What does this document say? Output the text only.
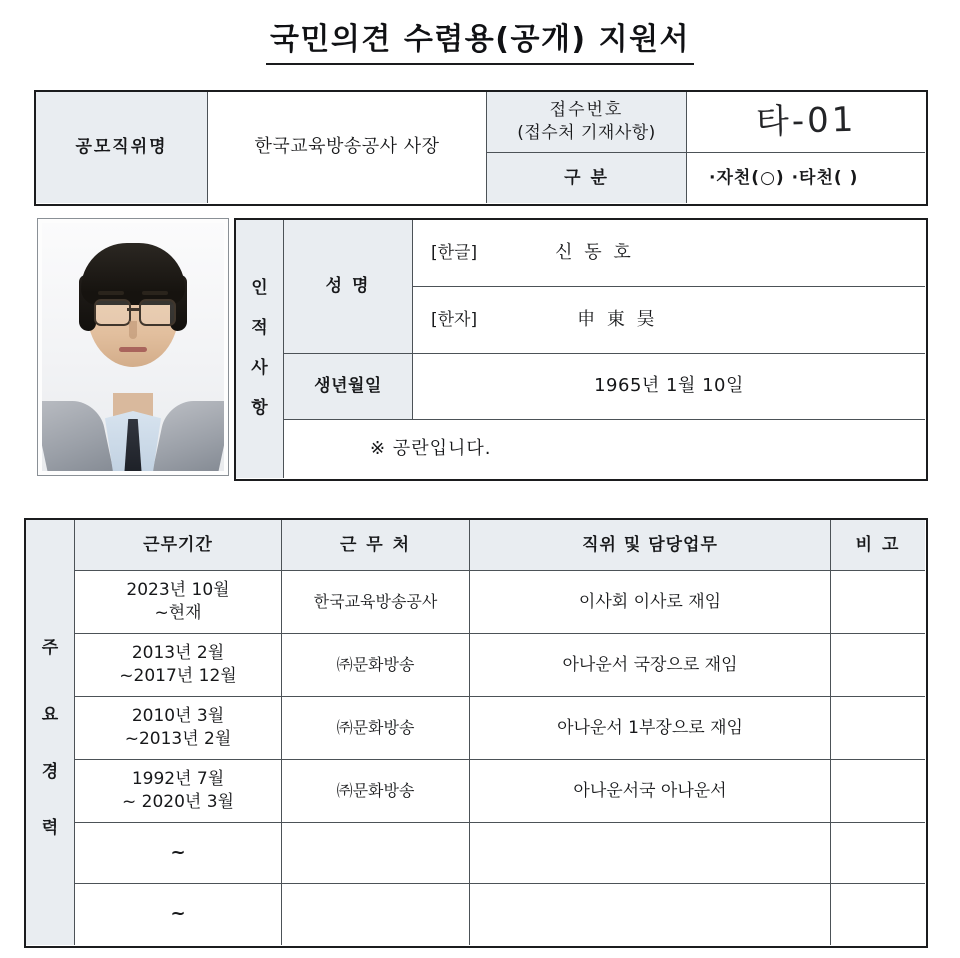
국민의견 수렴용(공개) 지원서
공모직위명	한국교육방송공사 사장
접수번호
(접수처 기재사항)	타-01
구 분	·자천(○) ·타천( )
인
적
사
항
성 명
[한글]	신 동 호
[한자]	申 東 昊
생년월일	1965년 1월 10일
※ 공란입니다.
주
요
경
력
근무기간	근 무 처	직위 및 담당업무	비 고
2023년 10월
~현재
한국교육방송공사	이사회 이사로 재임
2013년 2월
~2017년 12월
㈜문화방송	아나운서 국장으로 재임
2010년 3월
~2013년 2월
㈜문화방송	아나운서 1부장으로 재임
1992년 7월
~ 2020년 3월
㈜문화방송	아나운서국 아나운서
~
~
